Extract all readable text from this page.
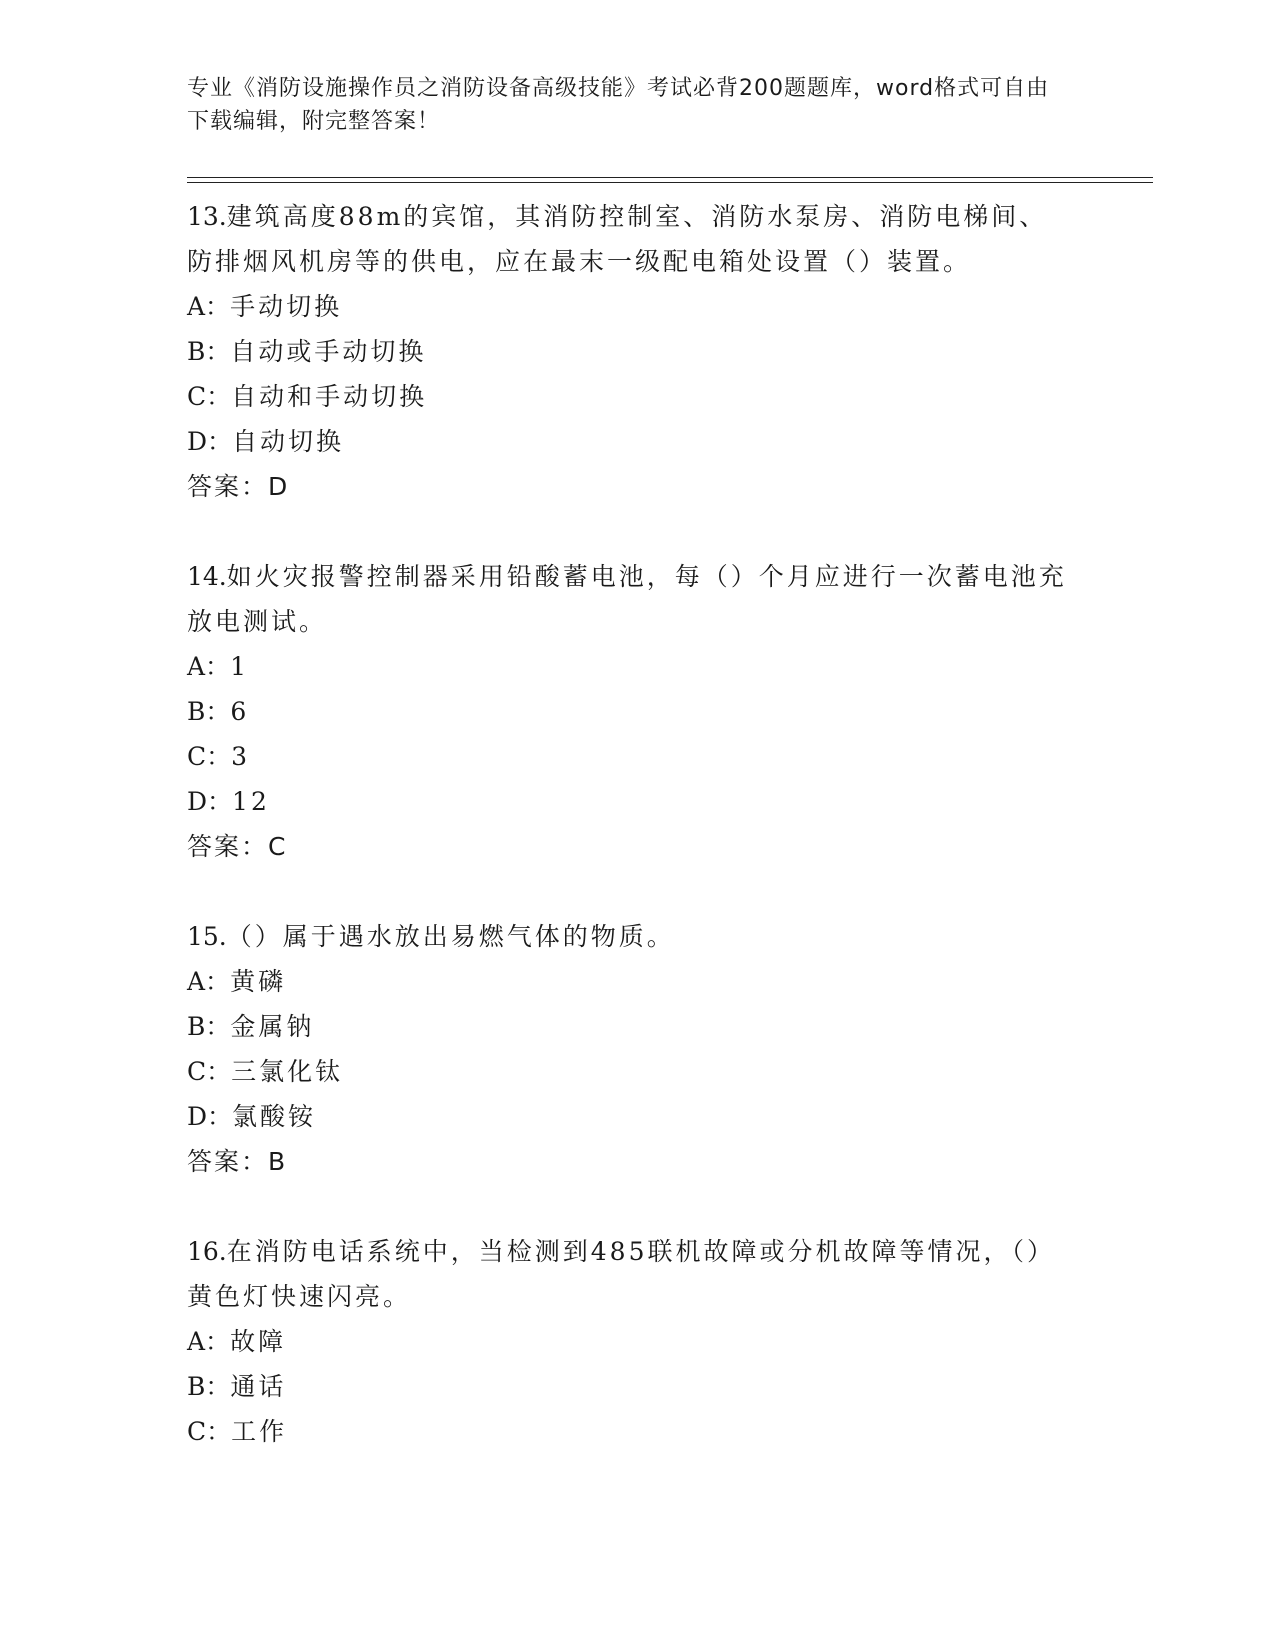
专业《消防设施操作员之消防设备高级技能》考试必背200题题库，word格式可自由下载编辑，附完整答案！

13.建筑高度88m的宾馆，其消防控制室、消防水泵房、消防电梯间、防排烟风机房等的供电，应在最末一级配电箱处设置（）装置。

A：手动切换

B：自动或手动切换

C：自动和手动切换

D：自动切换

答案：D

14.如火灾报警控制器采用铅酸蓄电池，每（）个月应进行一次蓄电池充放电测试。

A：1

B：6

C：3

D：12

答案：C

15.（）属于遇水放出易燃气体的物质。

A：黄磷

B：金属钠

C：三氯化钛

D：氯酸铵

答案：B

16.在消防电话系统中，当检测到485联机故障或分机故障等情况，（）黄色灯快速闪亮。

A：故障

B：通话

C：工作
